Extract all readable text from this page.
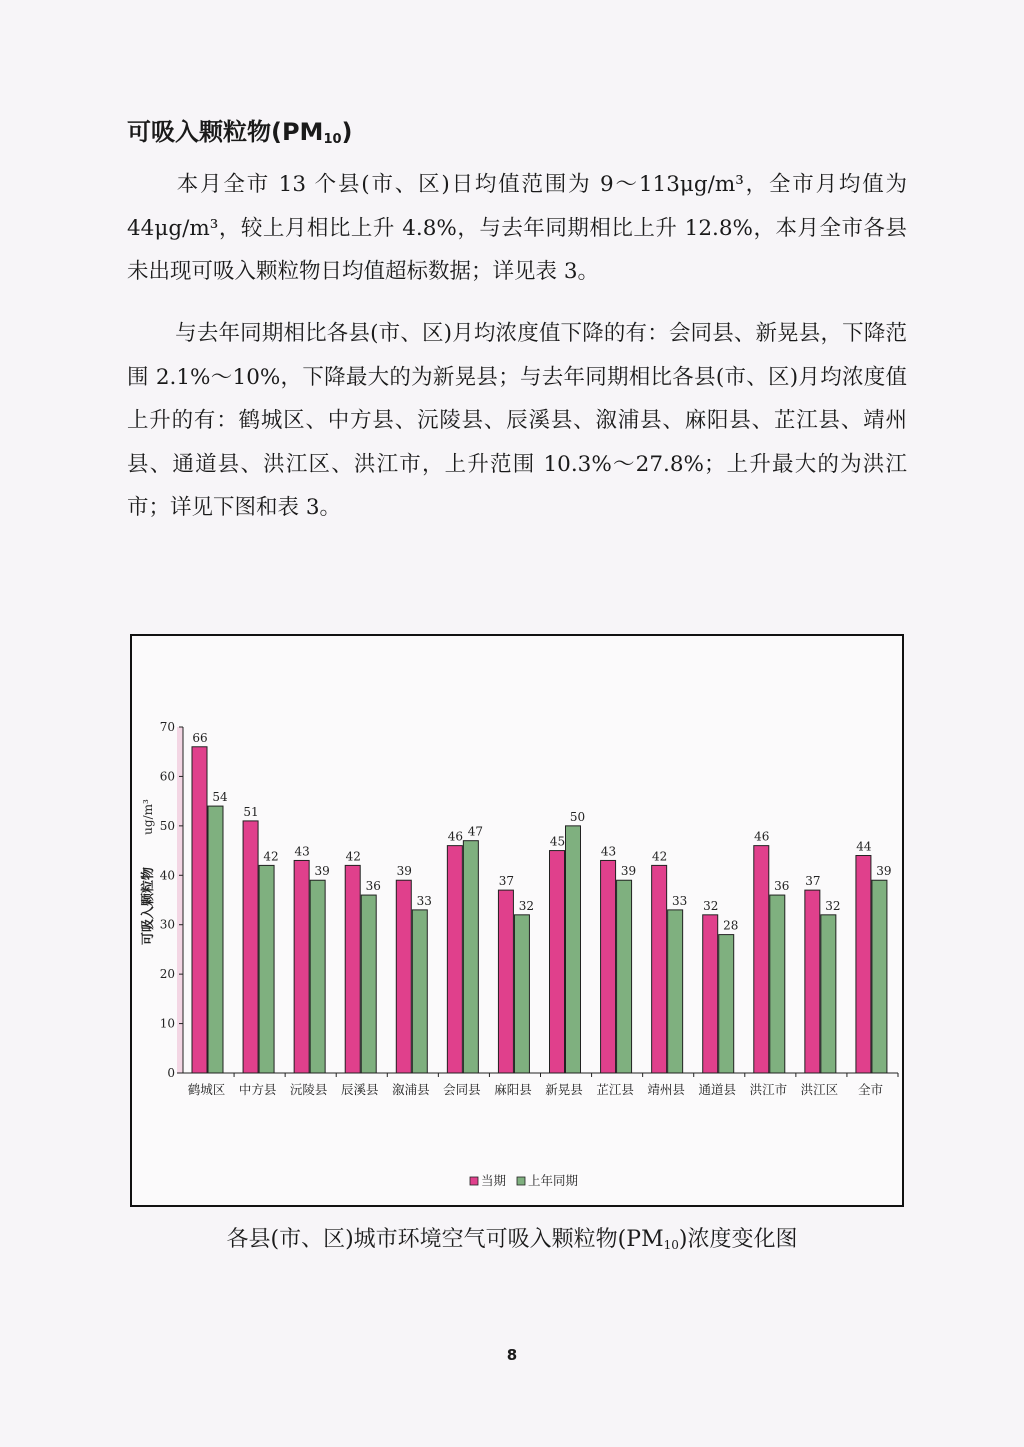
可吸入颗粒物$(PM_{10})$

本月全市 13 个县(市、区)日均值范围为 9～113μg/m³，全市月均值为 44μg/m³，较上月相比上升 4.8%，与去年同期相比上升 12.8%，本月全市各县未出现可吸入颗粒物日均值超标数据；详见表 3。

与去年同期相比各县(市、区)月均浓度值下降的有：会同县、新晃县，下降范围 2.1%～10%，下降最大的为新晃县；与去年同期相比各县(市、区)月均浓度值上升的有：鹤城区、中方县、沅陵县、辰溪县、溆浦县、麻阳县、芷江县、靖州县、通道县、洪江区、洪江市，上升范围 10.3%～27.8%；上升最大的为洪江市；详见下图和表 3。

0
10
20
30
40
50
60
70
可吸入颗粒物
ug/m³
66
54
鹤城区
51
42
中方县
43
39
沅陵县
42
36
辰溪县
39
33
溆浦县
46 47
会同县
37
32
麻阳县
45
50
新晃县
43
39
芷江县
42
33
靖州县
32
28
通道县
46
36
洪江市
37
32
洪江区
44
39
全市
当期 上年同期
各县(市、区)城市环境空气可吸入颗粒物$(PM_{10})$浓度变化图
8
